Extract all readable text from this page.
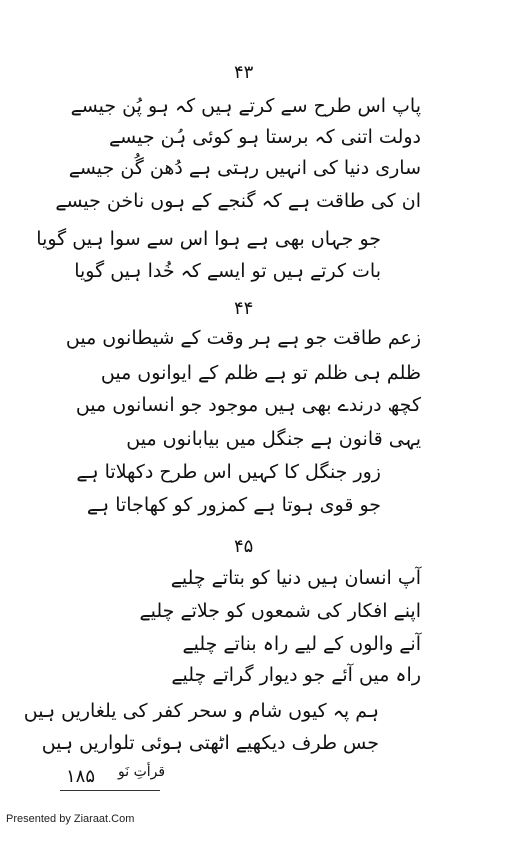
۴۳
پاپ اس طرح سے کرتے ہیں کہ ہو پُن جیسے
دولت اتنی کہ برستا ہو کوئی ہُن جیسے
ساری دنیا کی انہیں رہتی ہے دُھن گُن جیسے
ان کی طاقت ہے کہ گنجے کے ہوں ناخن جیسے
جو جہاں بھی ہے ہوا اس سے سوا ہیں گویا
بات کرتے ہیں تو ایسے کہ خُدا ہیں گویا
۴۴
زعم طاقت جو ہے ہر وقت کے شیطانوں میں
ظلم ہی ظلم تو ہے ظلم کے ایوانوں میں
کچھ درندے بھی ہیں موجود جو انسانوں میں
یہی قانون ہے جنگل میں بیابانوں میں
زور جنگل کا کہیں اس طرح دکھلاتا ہے
جو قوی ہوتا ہے کمزور کو کھاجاتا ہے
۴۵
آپ انسان ہیں دنیا کو بتاتے چلیے
اپنے افکار کی شمعوں کو جلاتے چلیے
آنے والوں کے لیے راہ بناتے چلیے
راہ میں آئے جو دیوار گراتے چلیے
ہم پہ کیوں شام و سحر کفر کی یلغاریں ہیں
جس طرف دیکھیے اٹھتی ہوئی تلواریں ہیں
۱۸۵ قرأتِ نَو
Presented by Ziaraat.Com
